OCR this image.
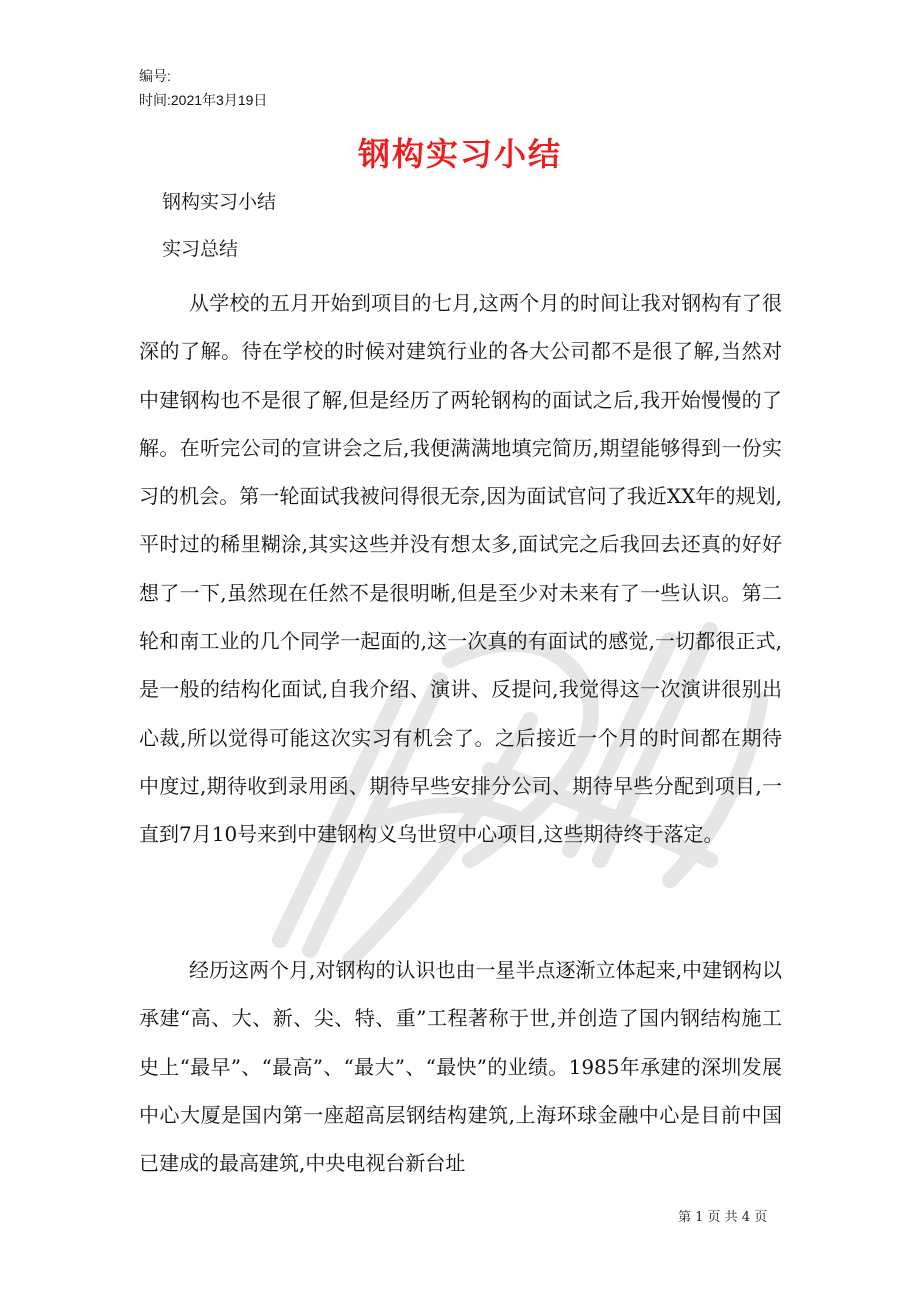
编号:
时间:2021年3月19日
钢构实习小结
钢构实习小结
实习总结

从学校的五月开始到项目的七月,这两个月的时间让我对钢构有了很深的了解。待在学校的时候对建筑行业的各大公司都不是很了解,当然对中建钢构也不是很了解,但是经历了两轮钢构的面试之后,我开始慢慢的了解。在听完公司的宣讲会之后,我便满满地填完简历,期望能够得到一份实习的机会。第一轮面试我被问得很无奈,因为面试官问了我近XX年的规划,平时过的稀里糊涂,其实这些并没有想太多,面试完之后我回去还真的好好想了一下,虽然现在任然不是很明晰,但是至少对未来有了一些认识。第二轮和南工业的几个同学一起面的,这一次真的有面试的感觉,一切都很正式,是一般的结构化面试,自我介绍、演讲、反提问,我觉得这一次演讲很别出心裁,所以觉得可能这次实习有机会了。之后接近一个月的时间都在期待中度过,期待收到录用函、期待早些安排分公司、期待早些分配到项目,一直到7月10号来到中建钢构义乌世贸中心项目,这些期待终于落定。

经历这两个月,对钢构的认识也由一星半点逐渐立体起来,中建钢构以承建“高、大、新、尖、特、重”工程著称于世,并创造了国内钢结构施工史上“最早”、“最高”、“最大”、“最快”的业绩。1985年承建的深圳发展中心大厦是国内第一座超高层钢结构建筑,上海环球金融中心是目前中国已建成的最高建筑,中央电视台新台址

第 1 页 共 4 页
